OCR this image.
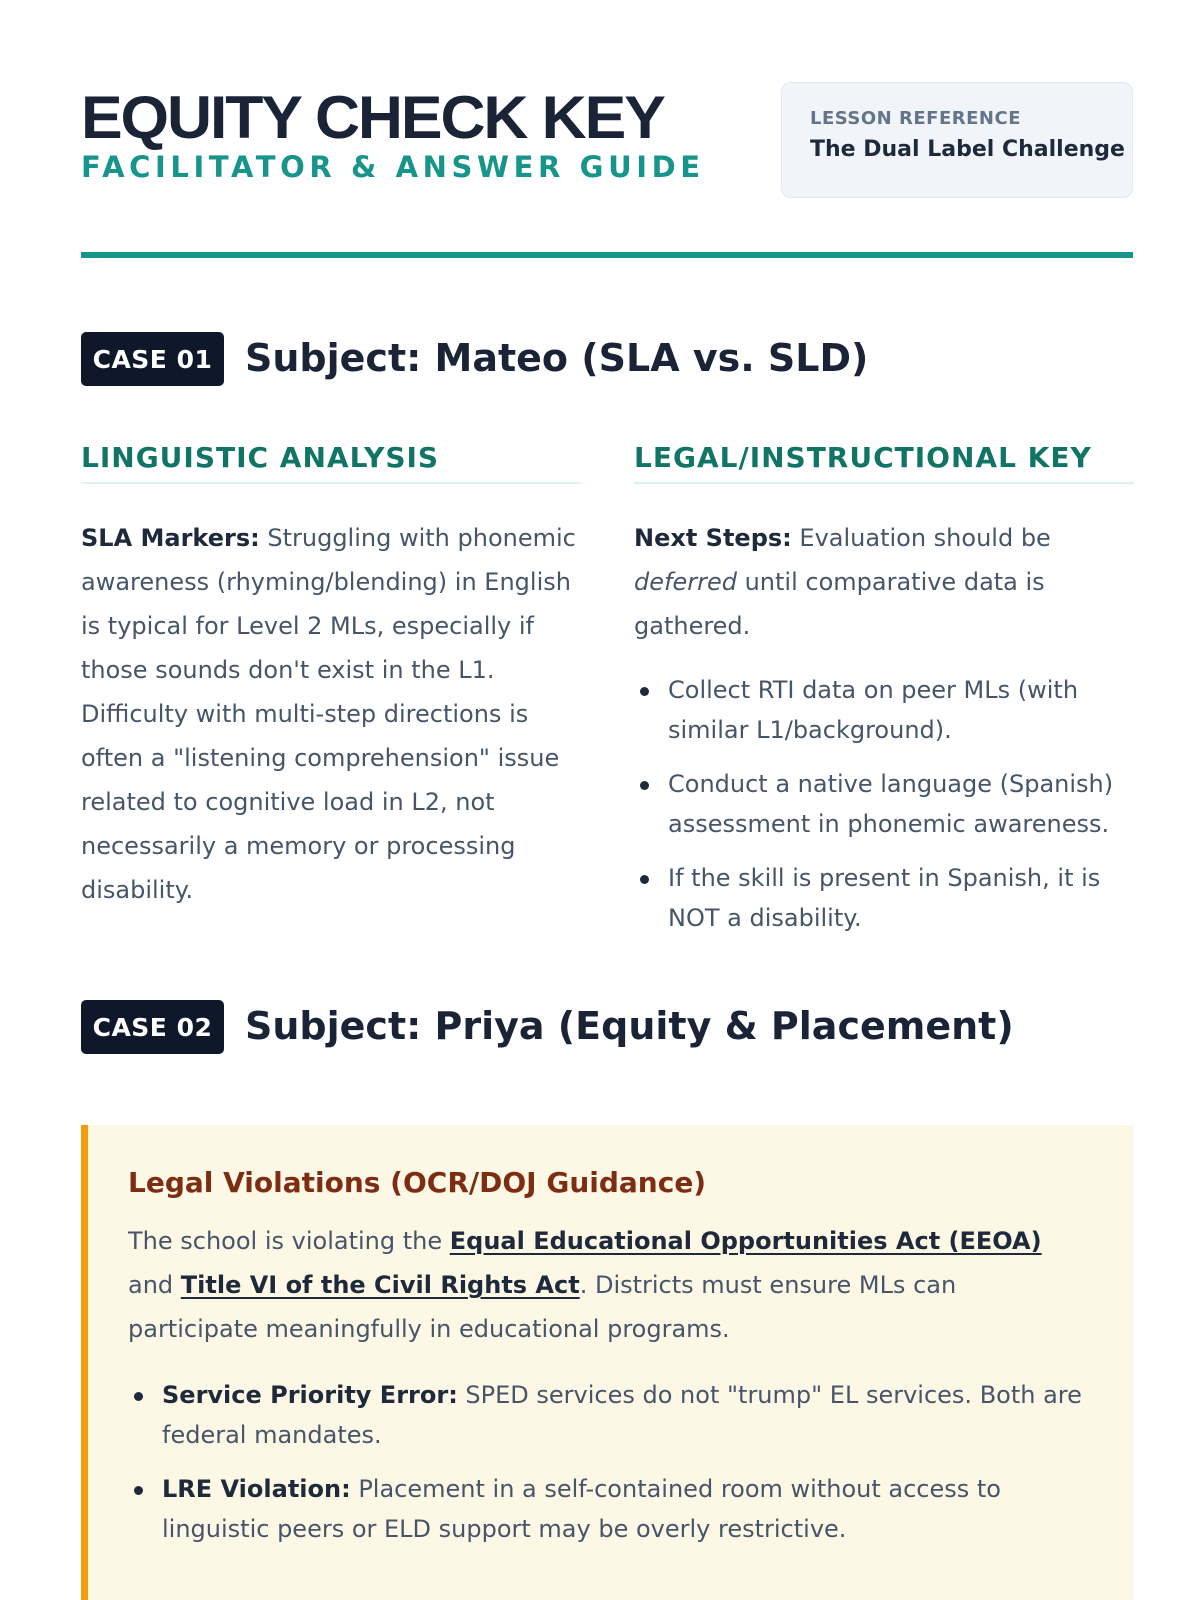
EQUITY CHECK KEY
FACILITATOR & ANSWER GUIDE
LESSON REFERENCE
The Dual Label Challenge
CASE 01 Subject: Mateo (SLA vs. SLD)
LINGUISTIC ANALYSIS

SLA Markers: Struggling with phonemic awareness (rhyming/blending) in English is typical for Level 2 MLs, especially if those sounds don't exist in the L1. Difficulty with multi-step directions is often a "listening comprehension" issue related to cognitive load in L2, not necessarily a memory or processing disability.

LEGAL/INSTRUCTIONAL KEY

Next Steps: Evaluation should be deferred until comparative data is gathered.

Collect RTI data on peer MLs (with similar L1/background).
Conduct a native language (Spanish) assessment in phonemic awareness.
If the skill is present in Spanish, it is NOT a disability.
CASE 02 Subject: Priya (Equity & Placement)
Legal Violations (OCR/DOJ Guidance)

The school is violating the Equal Educational Opportunities Act (EEOA) and Title VI of the Civil Rights Act. Districts must ensure MLs can participate meaningfully in educational programs.

Service Priority Error: SPED services do not "trump" EL services. Both are federal mandates.
LRE Violation: Placement in a self-contained room without access to linguistic peers or ELD support may be overly restrictive.
